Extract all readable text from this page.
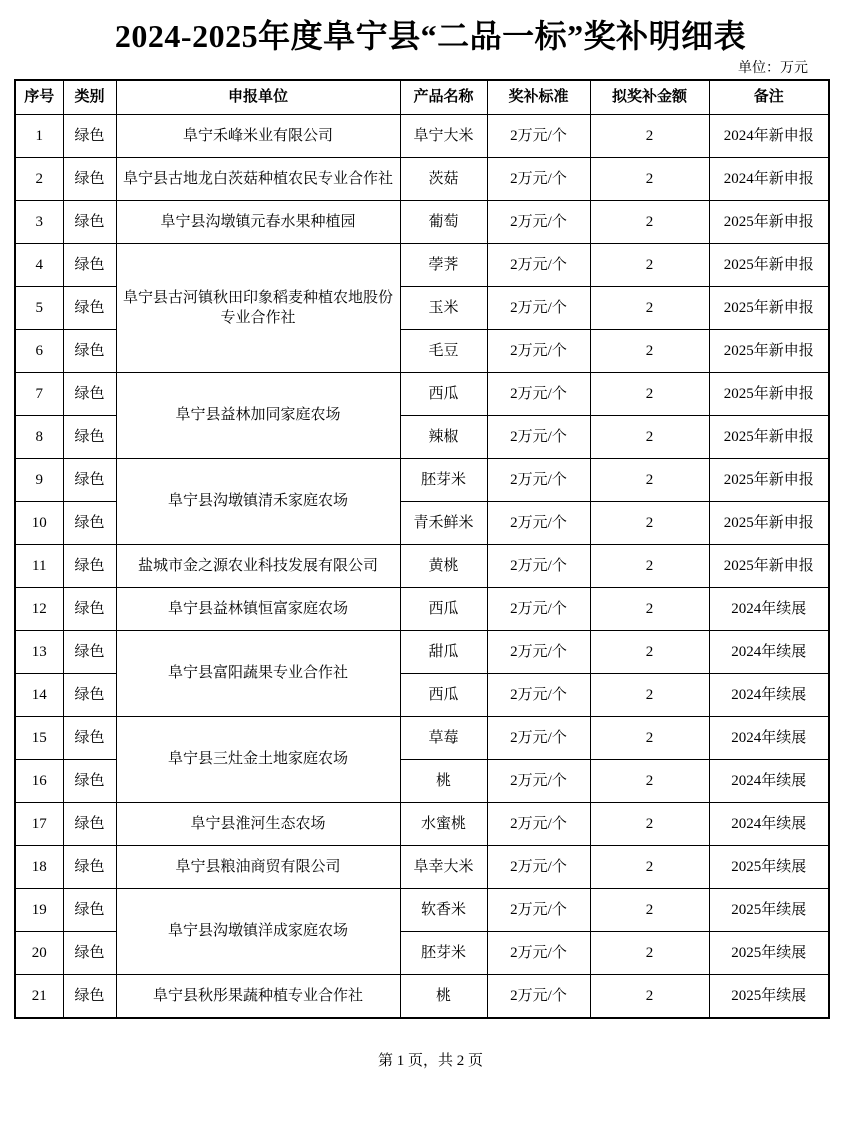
2024-2025年度阜宁县“二品一标”奖补明细表
单位：万元
序号	类别	申报单位	产品名称	奖补标准	拟奖补金额	备注
1	绿色	阜宁禾峰米业有限公司	阜宁大米	2万元/个	2	2024年新申报
2	绿色	阜宁县古地龙白茨菇种植农民专业合作社	茨菇	2万元/个	2	2024年新申报
3	绿色	阜宁县沟墩镇元春水果种植园	葡萄	2万元/个	2	2025年新申报
4	绿色	阜宁县古河镇秋田印象稻麦种植农地股份专业合作社	荸荠	2万元/个	2	2025年新申报
5	绿色		玉米	2万元/个	2	2025年新申报
6	绿色		毛豆	2万元/个	2	2025年新申报
7	绿色	阜宁县益林加同家庭农场	西瓜	2万元/个	2	2025年新申报
8	绿色		辣椒	2万元/个	2	2025年新申报
9	绿色	阜宁县沟墩镇清禾家庭农场	胚芽米	2万元/个	2	2025年新申报
10	绿色		青禾鲜米	2万元/个	2	2025年新申报
11	绿色	盐城市金之源农业科技发展有限公司	黄桃	2万元/个	2	2025年新申报
12	绿色	阜宁县益林镇恒富家庭农场	西瓜	2万元/个	2	2024年续展
13	绿色	阜宁县富阳蔬果专业合作社	甜瓜	2万元/个	2	2024年续展
14	绿色		西瓜	2万元/个	2	2024年续展
15	绿色	阜宁县三灶金土地家庭农场	草莓	2万元/个	2	2024年续展
16	绿色		桃	2万元/个	2	2024年续展
17	绿色	阜宁县淮河生态农场	水蜜桃	2万元/个	2	2024年续展
18	绿色	阜宁县粮油商贸有限公司	阜幸大米	2万元/个	2	2025年续展
19	绿色	阜宁县沟墩镇洋成家庭农场	软香米	2万元/个	2	2025年续展
20	绿色		胚芽米	2万元/个	2	2025年续展
21	绿色	阜宁县秋彤果蔬种植专业合作社	桃	2万元/个	2	2025年续展
第 1 页，共 2 页
